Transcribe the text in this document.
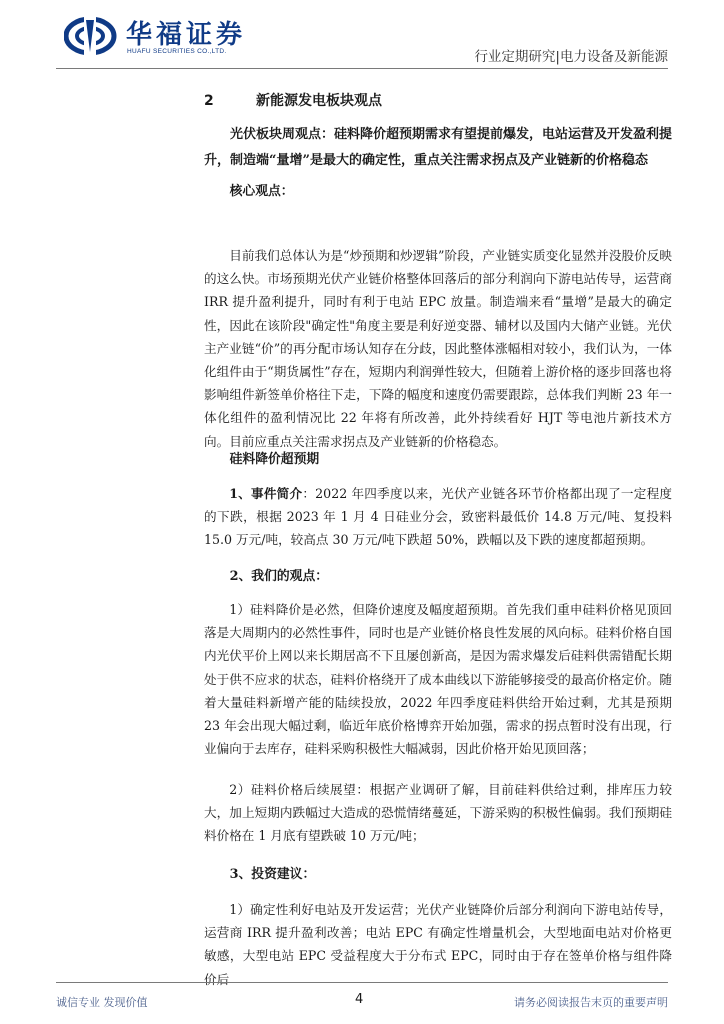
华福证券
HUAFU SECURITIES CO.,LTD.	行业定期研究|电力设备及新能源
2	新能源发电板块观点

光伏板块周观点：硅料降价超预期需求有望提前爆发，电站运营及开发盈利提升，制造端“量增”是最大的确定性，重点关注需求拐点及产业链新的价格稳态

核心观点：

目前我们总体认为是“炒预期和炒逻辑”阶段，产业链实质变化显然并没股价反映的这么快。市场预期光伏产业链价格整体回落后的部分利润向下游电站传导，运营商 IRR 提升盈利提升，同时有利于电站 EPC 放量。制造端来看“量增”是最大的确定性，因此在该阶段"确定性"角度主要是利好逆变器、辅材以及国内大储产业链。光伏主产业链“价”的再分配市场认知存在分歧，因此整体涨幅相对较小，我们认为，一体化组件由于“期货属性”存在，短期内利润弹性较大，但随着上游价格的逐步回落也将影响组件新签单价格往下走，下降的幅度和速度仍需要跟踪，总体我们判断 23 年一体化组件的盈利情况比 22 年将有所改善，此外持续看好 HJT 等电池片新技术方向。目前应重点关注需求拐点及产业链新的价格稳态。

硅料降价超预期

1、事件简介：2022 年四季度以来，光伏产业链各环节价格都出现了一定程度的下跌，根据 2023 年 1 月 4 日硅业分会，致密料最低价 14.8 万元/吨、复投料 15.0 万元/吨，较高点 30 万元/吨下跌超 50%，跌幅以及下跌的速度都超预期。

2、我们的观点：

1）硅料降价是必然，但降价速度及幅度超预期。首先我们重申硅料价格见顶回落是大周期内的必然性事件，同时也是产业链价格良性发展的风向标。硅料价格自国内光伏平价上网以来长期居高不下且屡创新高，是因为需求爆发后硅料供需错配长期处于供不应求的状态，硅料价格绕开了成本曲线以下游能够接受的最高价格定价。随着大量硅料新增产能的陆续投放，2022 年四季度硅料供给开始过剩，尤其是预期 23 年会出现大幅过剩，临近年底价格博弈开始加强，需求的拐点暂时没有出现，行业偏向于去库存，硅料采购积极性大幅减弱，因此价格开始见顶回落；

2）硅料价格后续展望：根据产业调研了解，目前硅料供给过剩，排库压力较大，加上短期内跌幅过大造成的恐慌情绪蔓延，下游采购的积极性偏弱。我们预期硅料价格在 1 月底有望跌破 10 万元/吨；

3、投资建议：

1）确定性利好电站及开发运营；光伏产业链降价后部分利润向下游电站传导，运营商 IRR 提升盈利改善；电站 EPC 有确定性增量机会，大型地面电站对价格更敏感，大型电站 EPC 受益程度大于分布式 EPC，同时由于存在签单价格与组件降价后

诚信专业 发现价值	4	请务必阅读报告末页的重要声明
